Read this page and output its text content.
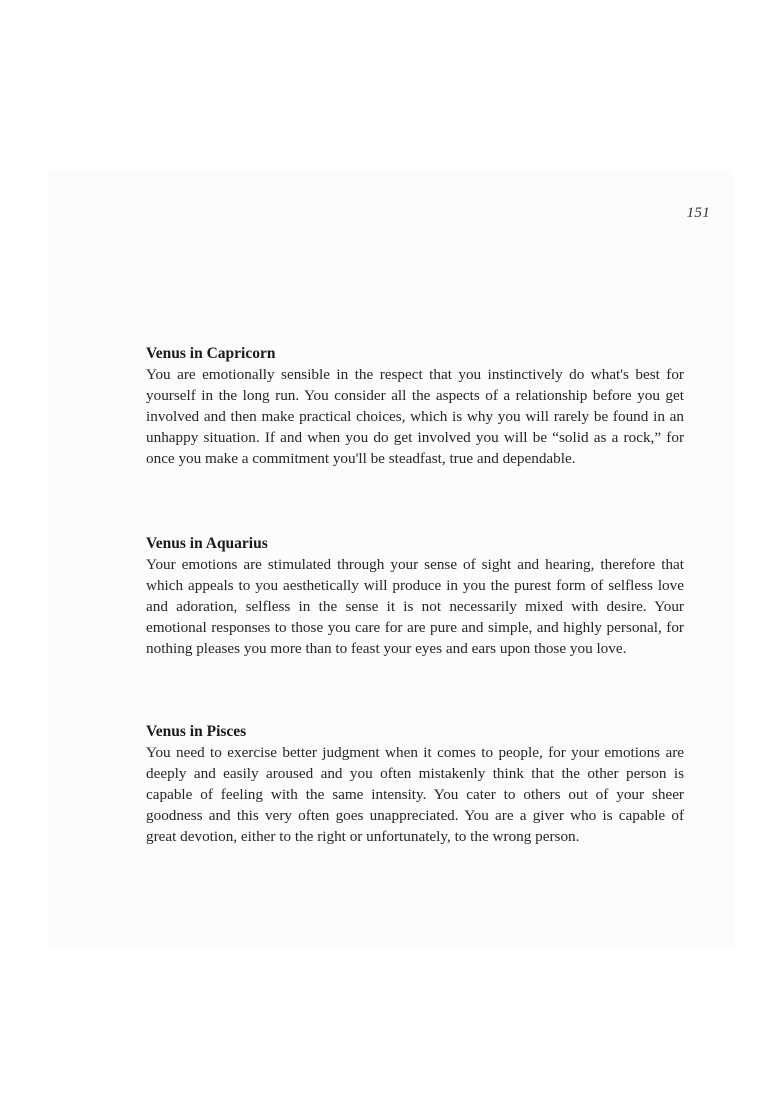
151
Venus in Capricorn

You are emotionally sensible in the respect that you instinctively do what's best for yourself in the long run. You consider all the aspects of a relationship before you get involved and then make practical choices, which is why you will rarely be found in an unhappy situation. If and when you do get involved you will be “solid as a rock,” for once you make a commitment you'll be steadfast, true and dependable.

Venus in Aquarius

Your emotions are stimulated through your sense of sight and hearing, therefore that which appeals to you aesthetically will produce in you the purest form of selfless love and adoration, selfless in the sense it is not necessarily mixed with desire. Your emotional responses to those you care for are pure and simple, and highly personal, for nothing pleases you more than to feast your eyes and ears upon those you love.

Venus in Pisces

You need to exercise better judgment when it comes to people, for your emotions are deeply and easily aroused and you often mistakenly think that the other person is capable of feeling with the same intensity. You cater to others out of your sheer goodness and this very often goes unappreciated. You are a giver who is capable of great devotion, either to the right or unfortunately, to the wrong person.
